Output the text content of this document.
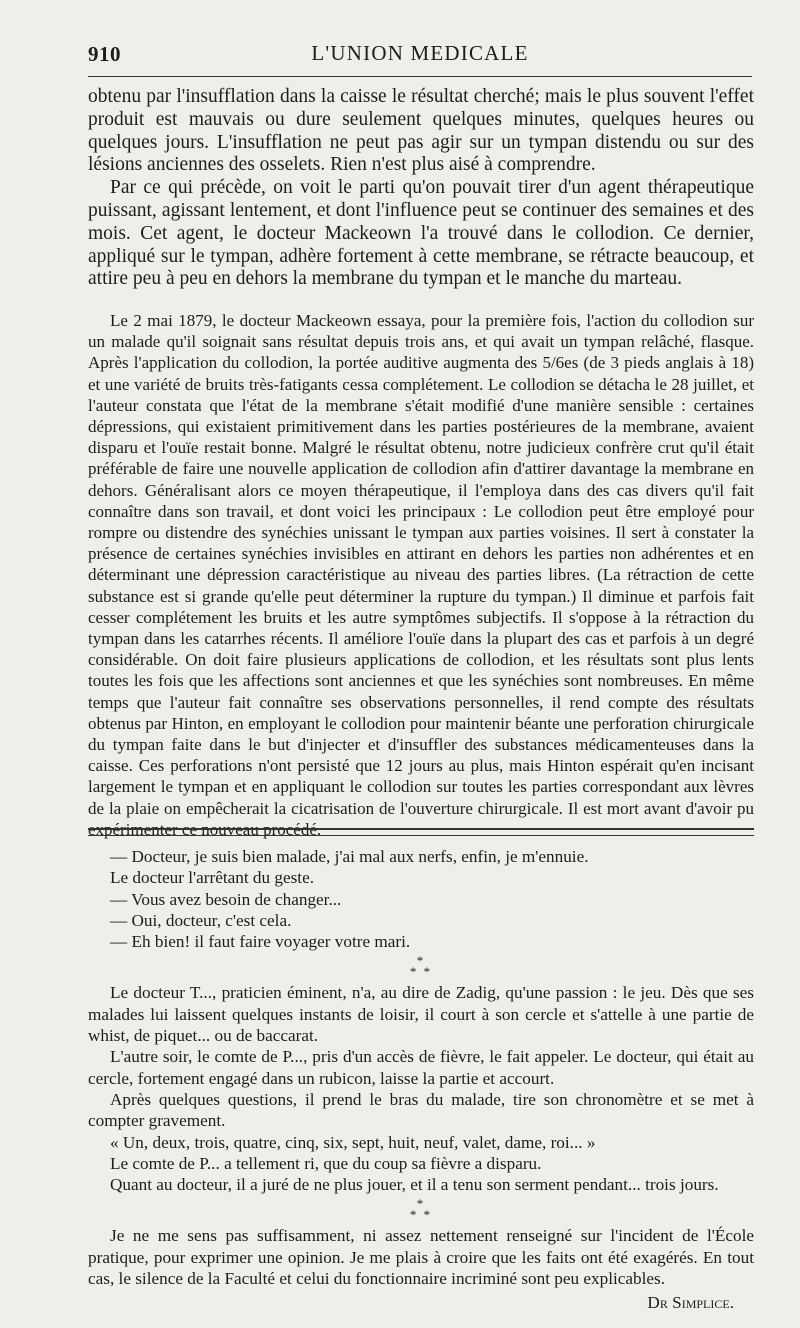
910	L'UNION MEDICALE

obtenu par l'insufflation dans la caisse le résultat cherché; mais le plus souvent l'effet produit est mauvais ou dure seulement quelques minutes, quelques heures ou quelques jours. L'insufflation ne peut pas agir sur un tympan distendu ou sur des lésions anciennes des osselets. Rien n'est plus aisé à comprendre.

Par ce qui précède, on voit le parti qu'on pouvait tirer d'un agent thérapeutique puissant, agissant lentement, et dont l'influence peut se continuer des semaines et des mois. Cet agent, le docteur Mackeown l'a trouvé dans le collodion. Ce dernier, appliqué sur le tympan, adhère fortement à cette membrane, se rétracte beaucoup, et attire peu à peu en dehors la membrane du tympan et le manche du marteau.

Le 2 mai 1879, le docteur Mackeown essaya, pour la première fois, l'action du collodion sur un malade qu'il soignait sans résultat depuis trois ans, et qui avait un tympan relâché, flasque. Après l'application du collodion, la portée auditive augmenta des 5/6es (de 3 pieds anglais à 18) et une variété de bruits très-fatigants cessa complétement. Le collodion se détacha le 28 juillet, et l'auteur constata que l'état de la membrane s'était modifié d'une manière sensible : certaines dépressions, qui existaient primitivement dans les parties postérieures de la membrane, avaient disparu et l'ouïe restait bonne. Malgré le résultat obtenu, notre judicieux confrère crut qu'il était préférable de faire une nouvelle application de collodion afin d'attirer davantage la membrane en dehors. Généralisant alors ce moyen thérapeutique, il l'employa dans des cas divers qu'il fait connaître dans son travail, et dont voici les principaux : Le collodion peut être employé pour rompre ou distendre des synéchies unissant le tympan aux parties voisines. Il sert à constater la présence de certaines synéchies invisibles en attirant en dehors les parties non adhérentes et en déterminant une dépression caractéristique au niveau des parties libres. (La rétraction de cette substance est si grande qu'elle peut déterminer la rupture du tympan.) Il diminue et parfois fait cesser complétement les bruits et les autre symptômes subjectifs. Il s'oppose à la rétraction du tympan dans les catarrhes récents. Il améliore l'ouïe dans la plupart des cas et parfois à un degré considérable. On doit faire plusieurs applications de collodion, et les résultats sont plus lents toutes les fois que les affections sont anciennes et que les synéchies sont nombreuses. En même temps que l'auteur fait connaître ses observations personnelles, il rend compte des résultats obtenus par Hinton, en employant le collodion pour maintenir béante une perforation chirurgicale du tympan faite dans le but d'injecter et d'insuffler des substances médicamenteuses dans la caisse. Ces perforations n'ont persisté que 12 jours au plus, mais Hinton espérait qu'en incisant largement le tympan et en appliquant le collodion sur toutes les parties correspondant aux lèvres de la plaie on empêcherait la cicatrisation de l'ouverture chirurgicale. Il est mort avant d'avoir pu expérimenter ce nouveau procédé.

— Docteur, je suis bien malade, j'ai mal aux nerfs, enfin, je m'ennuie.

Le docteur l'arrêtant du geste.

— Vous avez besoin de changer...

— Oui, docteur, c'est cela.

— Eh bien! il faut faire voyager votre mari.

*
* *

Le docteur T..., praticien éminent, n'a, au dire de Zadig, qu'une passion : le jeu. Dès que ses malades lui laissent quelques instants de loisir, il court à son cercle et s'attelle à une partie de whist, de piquet... ou de baccarat.

L'autre soir, le comte de P..., pris d'un accès de fièvre, le fait appeler. Le docteur, qui était au cercle, fortement engagé dans un rubicon, laisse la partie et accourt.

Après quelques questions, il prend le bras du malade, tire son chronomètre et se met à compter gravement.

« Un, deux, trois, quatre, cinq, six, sept, huit, neuf, valet, dame, roi... »

Le comte de P... a tellement ri, que du coup sa fièvre a disparu.

Quant au docteur, il a juré de ne plus jouer, et il a tenu son serment pendant... trois jours.

*
* *

Je ne me sens pas suffisamment, ni assez nettement renseigné sur l'incident de l'École pratique, pour exprimer une opinion. Je me plais à croire que les faits ont été exagérés. En tout cas, le silence de la Faculté et celui du fonctionnaire incriminé sont peu explicables.

Dr Simplice.
